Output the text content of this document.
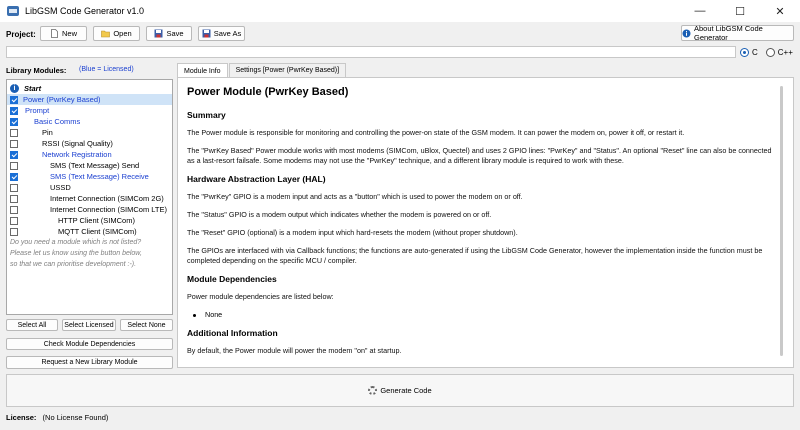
LibGSM Code Generator v1.0	—	☐	✕
Project:	New	Open	Save	Save As
About LibGSM Code Generator
C	C++
Library Modules: (Blue = Licensed)
i	Start
Power (PwrKey Based)
Prompt
Basic Comms
Pin
RSSI (Signal Quality)
Network Registration
SMS (Text Message) Send
SMS (Text Message) Receive
USSD
Internet Connection (SIMCom 2G)
Internet Connection (SIMCom LTE)
HTTP Client (SIMCom)
MQTT Client (SIMCom)
Do you need a module which is not listed?
Please let us know using the button below,
so that we can prioritise development :-).
Select All	Select Licensed	Select None
Check Module Dependencies
Request a New Library Module
Module Info	Settings [Power (PwrKey Based)]
Power Module (PwrKey Based)
Summary
The Power module is responsible for monitoring and controlling the power-on state of the GSM modem. It can power the modem on, power it off, or restart it.
The "PwrKey Based" Power module works with most modems (SIMCom, uBlox, Quectel) and uses 2 GPIO lines: "PwrKey" and "Status". An optional "Reset" line can also be connected as a last-resort failsafe. Some modems may not use the "PwrKey" technique, and a different library module is required to work with these.
Hardware Abstraction Layer (HAL)
The "PwrKey" GPIO is a modem input and acts as a "button" which is used to power the modem on or off.
The "Status" GPIO is a modem output which indicates whether the modem is powered on or off.
The "Reset" GPIO (optional) is a modem input which hard-resets the modem (without proper shutdown).
The GPIOs are interfaced with via Callback functions; the functions are auto-generated if using the LibGSM Code Generator, however the implementation inside the function must be completed depending on the specific MCU / compiler.
Module Dependencies
Power module dependencies are listed below:
None
Additional Information
By default, the Power module will power the modem "on" at startup.
Generate Code
License: (No License Found)
